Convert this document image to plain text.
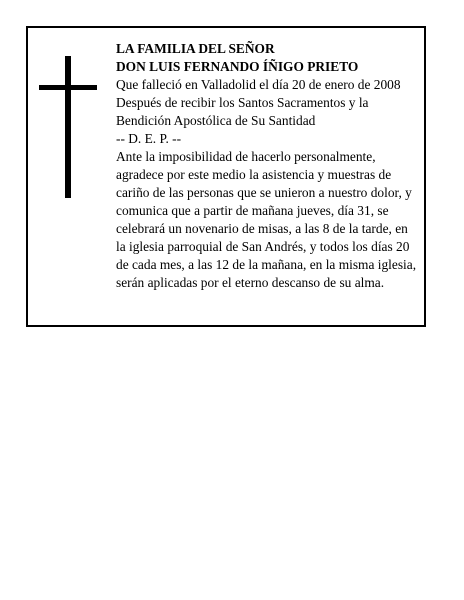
LA FAMILIA DEL SEÑOR
DON LUIS FERNANDO ÍÑIGO PRIETO
Que falleció en Valladolid el día 20 de enero de 2008
Después de recibir los Santos Sacramentos y la
Bendición Apostólica de Su Santidad
-- D. E. P. --
Ante la imposibilidad de hacerlo personalmente,
agradece por este medio la asistencia y muestras de
cariño de las personas que se unieron a nuestro dolor, y
comunica que a partir de mañana jueves, día 31, se
celebrará un novenario de misas, a las 8 de la tarde, en
la iglesia parroquial de San Andrés, y todos los días 20
de cada mes, a las 12 de la mañana, en la misma iglesia,
serán aplicadas por el eterno descanso de su alma.
